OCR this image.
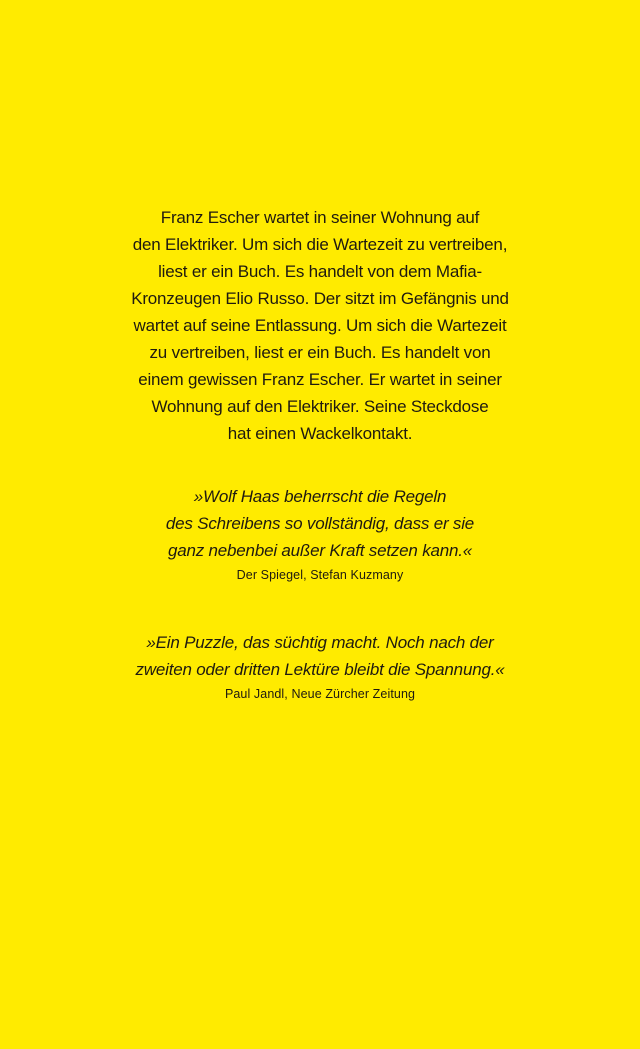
Franz Escher wartet in seiner Wohnung auf
den Elektriker. Um sich die Wartezeit zu vertreiben,
liest er ein Buch. Es handelt von dem Mafia-
Kronzeugen Elio Russo. Der sitzt im Gefängnis und
wartet auf seine Entlassung. Um sich die Wartezeit
zu vertreiben, liest er ein Buch. Es handelt von
einem gewissen Franz Escher. Er wartet in seiner
Wohnung auf den Elektriker. Seine Steckdose
hat einen Wackelkontakt.
»Wolf Haas beherrscht die Regeln
des Schreibens so vollständig, dass er sie
ganz nebenbei außer Kraft setzen kann.«
Der Spiegel, Stefan Kuzmany
»Ein Puzzle, das süchtig macht. Noch nach der
zweiten oder dritten Lektüre bleibt die Spannung.«
Paul Jandl, Neue Zürcher Zeitung
